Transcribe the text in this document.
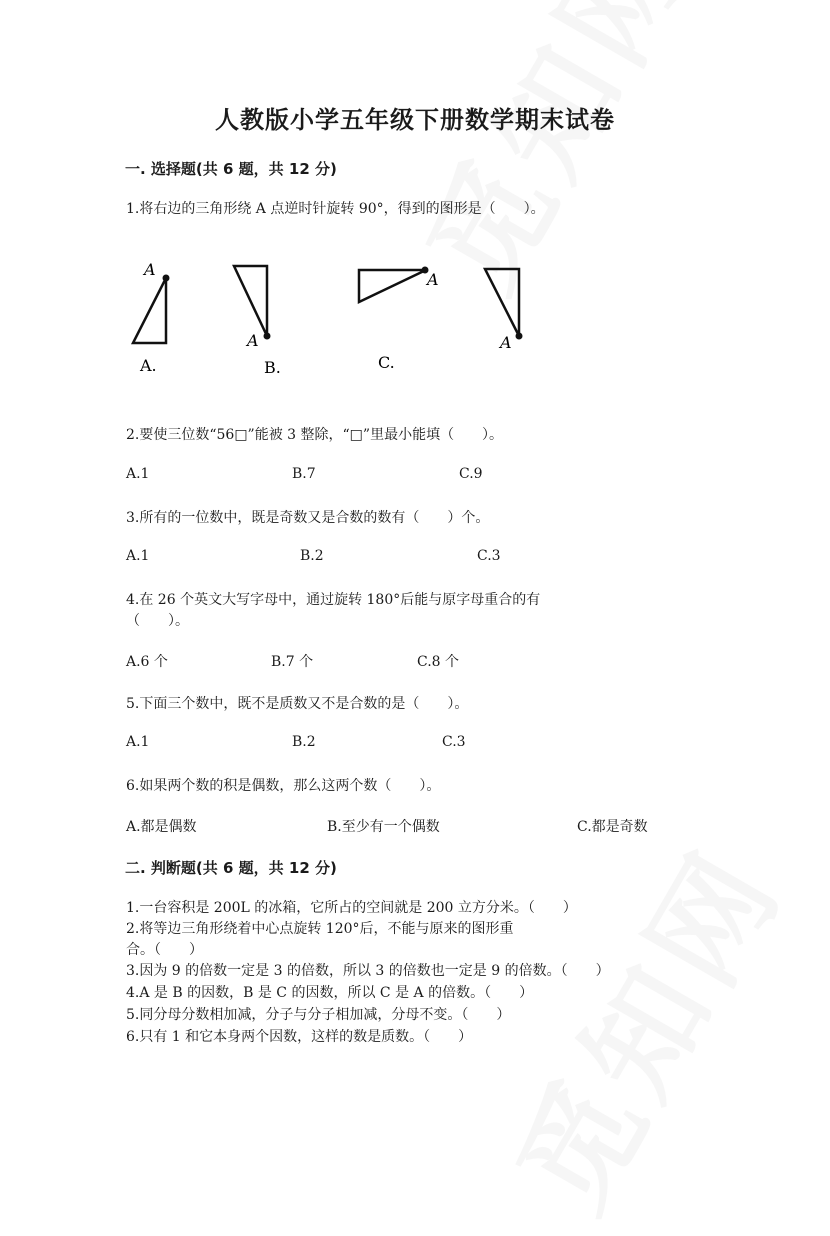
人教版小学五年级下册数学期末试卷
一. 选择题(共 6 题，共 12 分)
1.将右边的三角形绕 A 点逆时针旋转 90°，得到的图形是（　　）。
A
A.
A
B.
A
C.
A
2.要使三位数“56□”能被 3 整除，“□”里最小能填（　　）。
A.1	B.7	C.9
3.所有的一位数中，既是奇数又是合数的数有（　　）个。
A.1	B.2	C.3
4.在 26 个英文大写字母中，通过旋转 180°后能与原字母重合的有
（　　）。
A.6 个	B.7 个	C.8 个
5.下面三个数中，既不是质数又不是合数的是（　　）。
A.1	B.2	C.3
6.如果两个数的积是偶数，那么这两个数（　　）。
A.都是偶数	B.至少有一个偶数	C.都是奇数
二. 判断题(共 6 题，共 12 分)
1.一台容积是 200L 的冰箱，它所占的空间就是 200 立方分米。（　　）
2.将等边三角形绕着中心点旋转 120°后，不能与原来的图形重
合。（　　）
3.因为 9 的倍数一定是 3 的倍数，所以 3 的倍数也一定是 9 的倍数。（　　）
4.A 是 B 的因数，B 是 C 的因数，所以 C 是 A 的倍数。（　　）
5.同分母分数相加减，分子与分子相加减，分母不变。（　　）
6.只有 1 和它本身两个因数，这样的数是质数。（　　）
